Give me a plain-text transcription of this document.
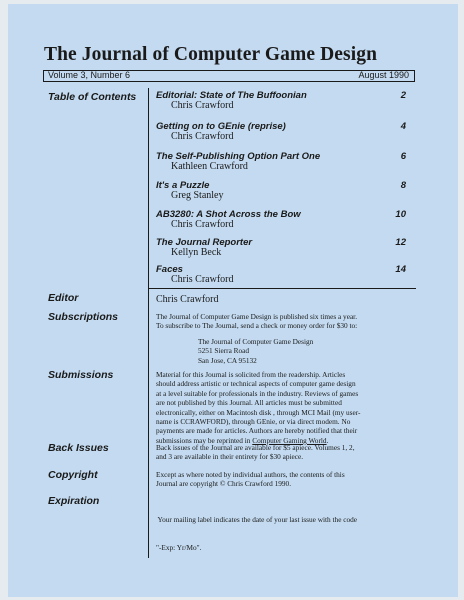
The Journal of Computer Game Design
Volume 3, Number 6	August 1990
Table of Contents
Editor
Subscriptions
Submissions
Back Issues
Copyright
Expiration
Editorial: State of The Buffoonian
Chris Crawford
2
Getting on to GEnie (reprise)
Chris Crawford
4
The Self-Publishing Option Part One
Kathleen Crawford
6
It's a Puzzle
Greg Stanley
8
AB3280: A Shot Across the Bow
Chris Crawford
10
The Journal Reporter
Kellyn Beck
12
Faces
Chris Crawford
14
Chris Crawford
The Journal of Computer Game Design is published six times a year.
To subscribe to The Journal, send a check or money order for $30 to:
The Journal of Computer Game Design
5251 Sierra Road
San Jose, CA 95132
Material for this Journal is solicited from the readership. Articles
should address artistic or technical aspects of computer game design
at a level suitable for professionals in the industry. Reviews of games
are not published by this Journal. All articles must be submitted
electronically, either on Macintosh disk , through MCI Mail (my user-
name is CCRAWFORD), through GEnie, or via direct modem. No
payments are made for articles. Authors are hereby notified that their
submissions may be reprinted in Computer Gaming World.
Back issues of the Journal are available for $5 apiece. Volumes 1, 2,
and 3 are available in their entirety for $30 apiece.
Except as where noted by individual authors, the contents of this
Journal are copyright © Chris Crawford 1990.

Your mailing label indicates the date of your last issue with the code

"-Exp: Yr/Mo".
